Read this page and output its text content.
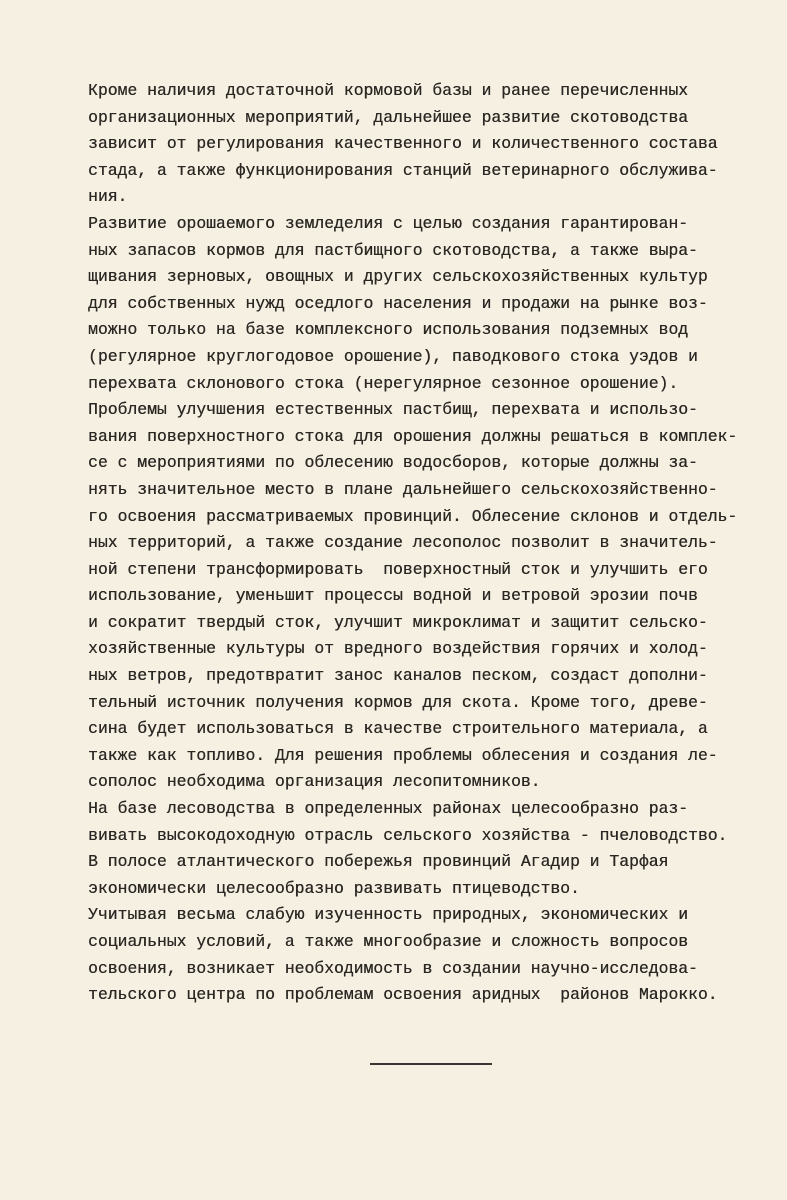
Кроме наличия достаточной кормовой базы и ранее перечисленных
организационных мероприятий, дальнейшее развитие скотоводства
зависит от регулирования качественного и количественного состава
стада, а также функционирования станций ветеринарного обслужива-
ния.
Развитие орошаемого земледелия с целью создания гарантирован-
ных запасов кормов для пастбищного скотоводства, а также выра-
щивания зерновых, овощных и других сельскохозяйственных культур
для собственных нужд оседлого населения и продажи на рынке воз-
можно только на базе комплексного использования подземных вод
(регулярное круглогодовое орошение), паводкового стока уэдов и
перехвата склонового стока (нерегулярное сезонное орошение).
Проблемы улучшения естественных пастбищ, перехвата и использо-
вания поверхностного стока для орошения должны решаться в комплек-
се с мероприятиями по облесению водосборов, которые должны за-
нять значительное место в плане дальнейшего сельскохозяйственно-
го освоения рассматриваемых провинций. Облесение склонов и отдель-
ных территорий, а также создание лесополос позволит в значитель-
ной степени трансформировать  поверхностный сток и улучшить его
использование, уменьшит процессы водной и ветровой эрозии почв
и сократит твердый сток, улучшит микроклимат и защитит сельско-
хозяйственные культуры от вредного воздействия горячих и холод-
ных ветров, предотвратит занос каналов песком, создаст дополни-
тельный источник получения кормов для скота. Кроме того, древе-
сина будет использоваться в качестве строительного материала, а
также как топливо. Для решения проблемы облесения и создания ле-
сополос необходима организация лесопитомников.
На базе лесоводства в определенных районах целесообразно раз-
вивать высокодоходную отрасль сельского хозяйства - пчеловодство.
В полосе атлантического побережья провинций Агадир и Тарфая
экономически целесообразно развивать птицеводство.
Учитывая весьма слабую изученность природных, экономических и
социальных условий, а также многообразие и сложность вопросов
освоения, возникает необходимость в создании научно-исследова-
тельского центра по проблемам освоения аридных  районов Марокко.
